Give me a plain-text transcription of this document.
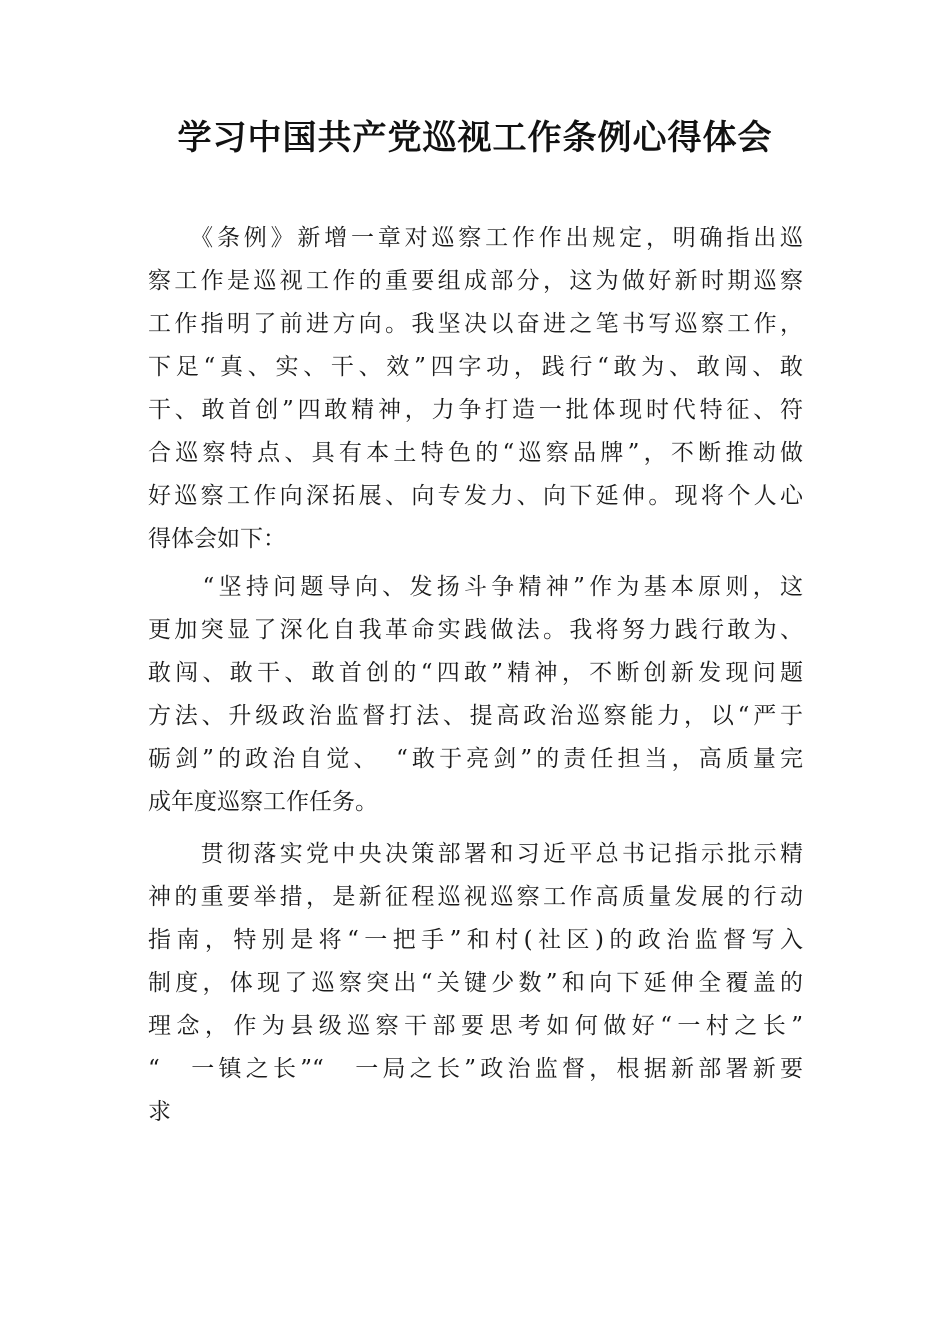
学习中国共产党巡视工作条例心得体会
　　《条例》新增一章对巡察工作作出规定，明确指出巡
察工作是巡视工作的重要组成部分，这为做好新时期巡察
工作指明了前进方向。我坚决以奋进之笔书写巡察工作，
下足“真、实、干、效”四字功，践行“敢为、敢闯、敢
干、敢首创”四敢精神，力争打造一批体现时代特征、符
合巡察特点、具有本土特色的“巡察品牌”，不断推动做
好巡察工作向深拓展、向专发力、向下延伸。现将个人心
得体会如下：
　　“坚持问题导向、发扬斗争精神”作为基本原则，这
更加突显了深化自我革命实践做法。我将努力践行敢为、
敢闯、敢干、敢首创的“四敢”精神，不断创新发现问题
方法、升级政治监督打法、提高政治巡察能力，以“严于
砺剑”的政治自觉、　“敢于亮剑”的责任担当，高质量完
成年度巡察工作任务。
　　贯彻落实党中央决策部署和习近平总书记指示批示精
神的重要举措，是新征程巡视巡察工作高质量发展的行动
指南，特别是将“一把手”和村(社区)的政治监督写入
制度，体现了巡察突出“关键少数”和向下延伸全覆盖的
理念，作为县级巡察干部要思考如何做好“一村之长”
“　一镇之长”“　一局之长”政治监督，根据新部署新要
求
